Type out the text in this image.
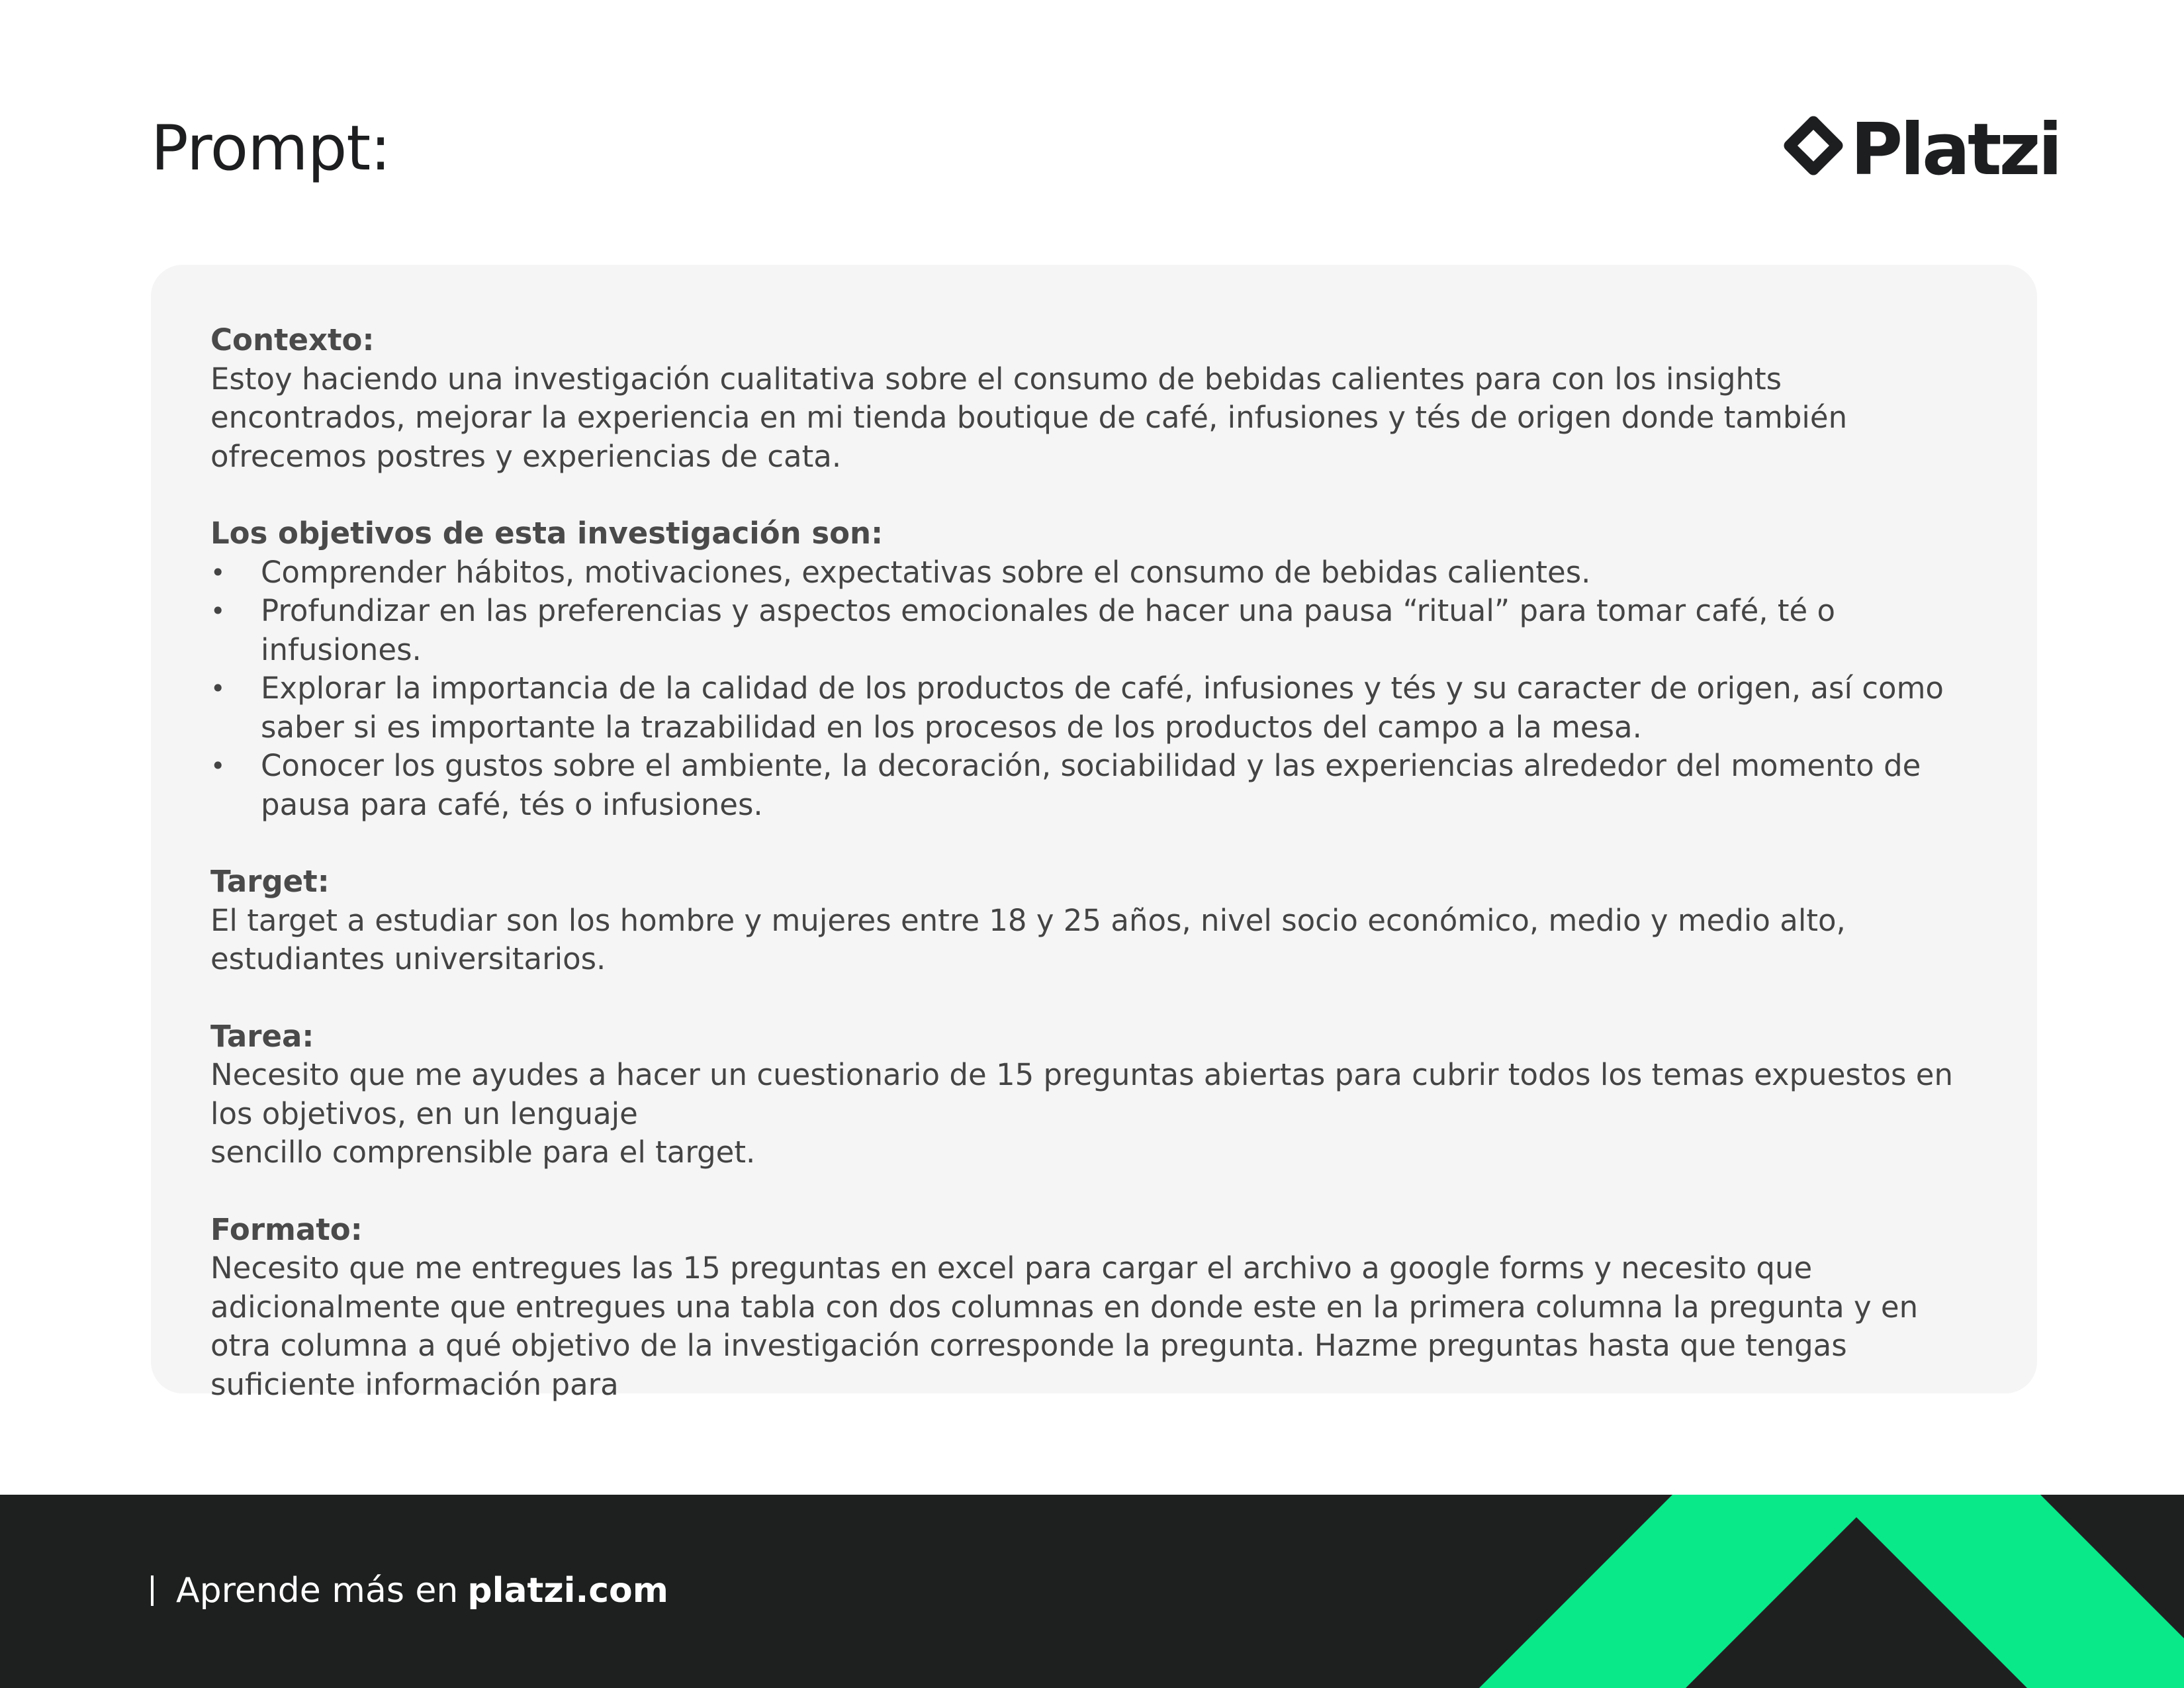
Prompt:	Platzi
Contexto:
Estoy haciendo una investigación cualitativa sobre el consumo de bebidas calientes para con los insights encontrados, mejorar la experiencia en mi tienda boutique de café, infusiones y tés de origen donde también ofrecemos postres y experiencias de cata.
Los objetivos de esta investigación son:
• Comprender hábitos, motivaciones, expectativas sobre el consumo de bebidas calientes.
• Profundizar en las preferencias y aspectos emocionales de hacer una pausa “ritual” para tomar café, té o infusiones.
• Explorar la importancia de la calidad de los productos de café, infusiones y tés y su caracter de origen, así como saber si es importante la trazabilidad en los procesos de los productos del campo a la mesa.
• Conocer los gustos sobre el ambiente, la decoración, sociabilidad y las experiencias alrededor del momento de pausa para café, tés o infusiones.
Target:
El target a estudiar son los hombre y mujeres entre 18 y 25 años, nivel socio económico, medio y medio alto, estudiantes universitarios.
Tarea:
Necesito que me ayudes a hacer un cuestionario de 15 preguntas abiertas para cubrir todos los temas expuestos en los objetivos, en un lenguaje
sencillo comprensible para el target.
Formato:
Necesito que me entregues las 15 preguntas en excel para cargar el archivo a google forms y necesito que adicionalmente que entregues una tabla con dos columnas en donde este en la primera columna la pregunta y en otra columna a qué objetivo de la investigación corresponde la pregunta. Hazme preguntas hasta que tengas suficiente información para
Aprende más en platzi.com
